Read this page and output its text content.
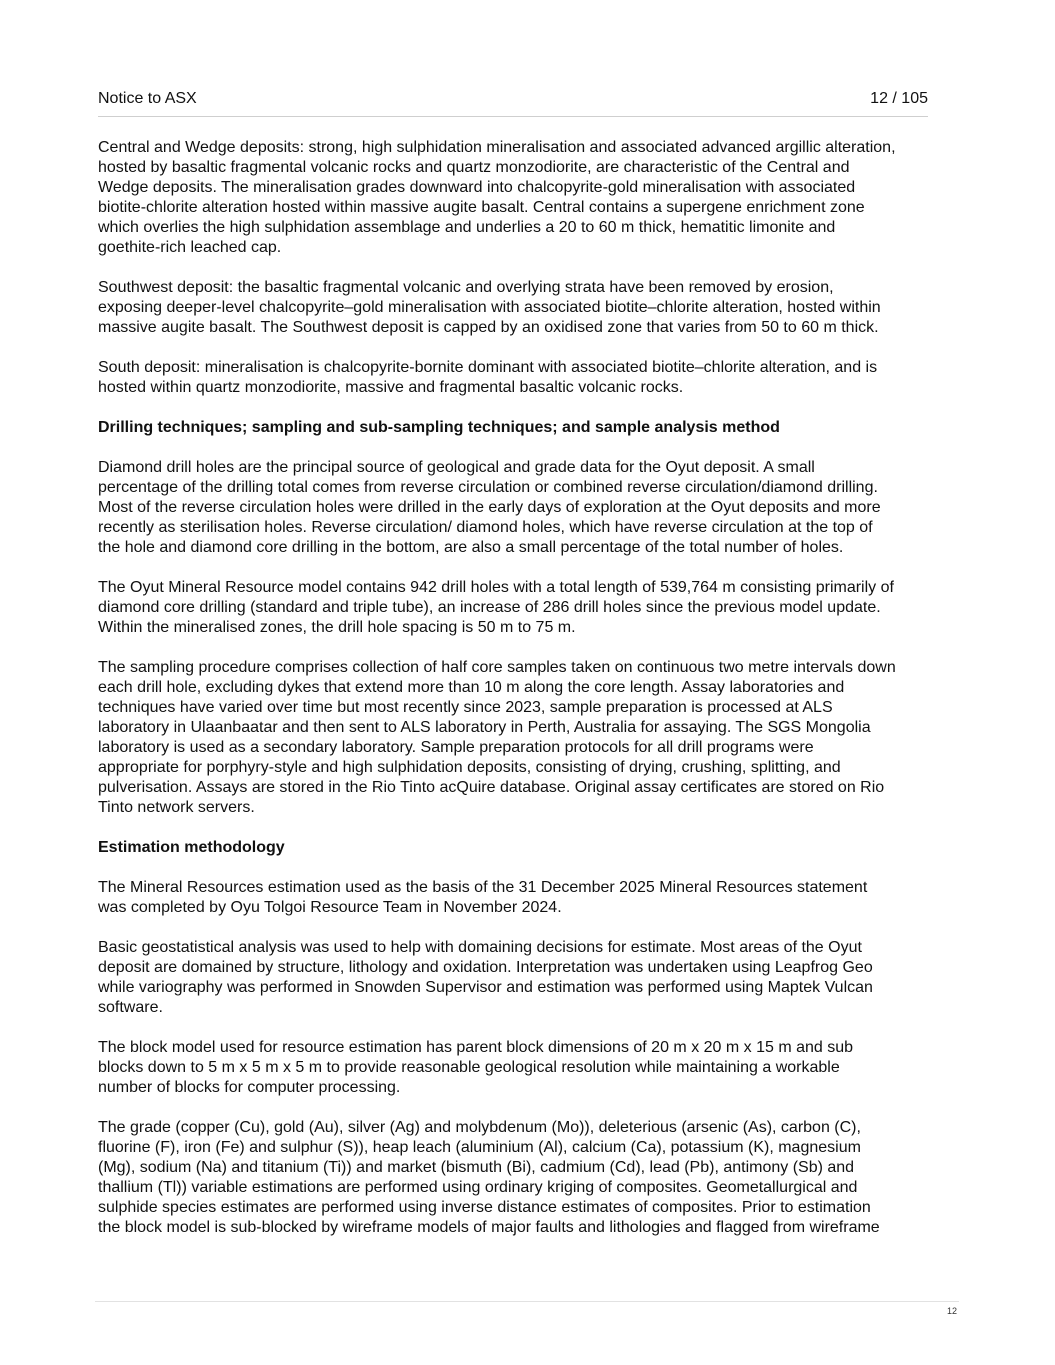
Notice to ASX	12 / 105

Central and Wedge deposits: strong, high sulphidation mineralisation and associated advanced argillic alteration,
hosted by basaltic fragmental volcanic rocks and quartz monzodiorite, are characteristic of the Central and
Wedge deposits. The mineralisation grades downward into chalcopyrite-gold mineralisation with associated
biotite-chlorite alteration hosted within massive augite basalt. Central contains a supergene enrichment zone
which overlies the high sulphidation assemblage and underlies a 20 to 60 m thick, hematitic limonite and
goethite-rich leached cap.

Southwest deposit: the basaltic fragmental volcanic and overlying strata have been removed by erosion,
exposing deeper-level chalcopyrite–gold mineralisation with associated biotite–chlorite alteration, hosted within
massive augite basalt. The Southwest deposit is capped by an oxidised zone that varies from 50 to 60 m thick.

South deposit: mineralisation is chalcopyrite-bornite dominant with associated biotite–chlorite alteration, and is
hosted within quartz monzodiorite, massive and fragmental basaltic volcanic rocks.

Drilling techniques; sampling and sub-sampling techniques; and sample analysis method

Diamond drill holes are the principal source of geological and grade data for the Oyut deposit. A small
percentage of the drilling total comes from reverse circulation or combined reverse circulation/diamond drilling.
Most of the reverse circulation holes were drilled in the early days of exploration at the Oyut deposits and more
recently as sterilisation holes. Reverse circulation/ diamond holes, which have reverse circulation at the top of
the hole and diamond core drilling in the bottom, are also a small percentage of the total number of holes.

The Oyut Mineral Resource model contains 942 drill holes with a total length of 539,764 m consisting primarily of
diamond core drilling (standard and triple tube), an increase of 286 drill holes since the previous model update.
Within the mineralised zones, the drill hole spacing is 50 m to 75 m.

The sampling procedure comprises collection of half core samples taken on continuous two metre intervals down
each drill hole, excluding dykes that extend more than 10 m along the core length. Assay laboratories and
techniques have varied over time but most recently since 2023, sample preparation is processed at ALS
laboratory in Ulaanbaatar and then sent to ALS laboratory in Perth, Australia for assaying. The SGS Mongolia
laboratory is used as a secondary laboratory. Sample preparation protocols for all drill programs were
appropriate for porphyry-style and high sulphidation deposits, consisting of drying, crushing, splitting, and
pulverisation. Assays are stored in the Rio Tinto acQuire database. Original assay certificates are stored on Rio
Tinto network servers.

Estimation methodology

The Mineral Resources estimation used as the basis of the 31 December 2025 Mineral Resources statement
was completed by Oyu Tolgoi Resource Team in November 2024.

Basic geostatistical analysis was used to help with domaining decisions for estimate. Most areas of the Oyut
deposit are domained by structure, lithology and oxidation. Interpretation was undertaken using Leapfrog Geo
while variography was performed in Snowden Supervisor and estimation was performed using Maptek Vulcan
software.

The block model used for resource estimation has parent block dimensions of 20 m x 20 m x 15 m and sub
blocks down to 5 m x 5 m x 5 m to provide reasonable geological resolution while maintaining a workable
number of blocks for computer processing.

The grade (copper (Cu), gold (Au), silver (Ag) and molybdenum (Mo)), deleterious (arsenic (As), carbon (C),
fluorine (F), iron (Fe) and sulphur (S)), heap leach (aluminium (Al), calcium (Ca), potassium (K), magnesium
(Mg), sodium (Na) and titanium (Ti)) and market (bismuth (Bi), cadmium (Cd), lead (Pb), antimony (Sb) and
thallium (Tl)) variable estimations are performed using ordinary kriging of composites. Geometallurgical and
sulphide species estimates are performed using inverse distance estimates of composites. Prior to estimation
the block model is sub-blocked by wireframe models of major faults and lithologies and flagged from wireframe

12
